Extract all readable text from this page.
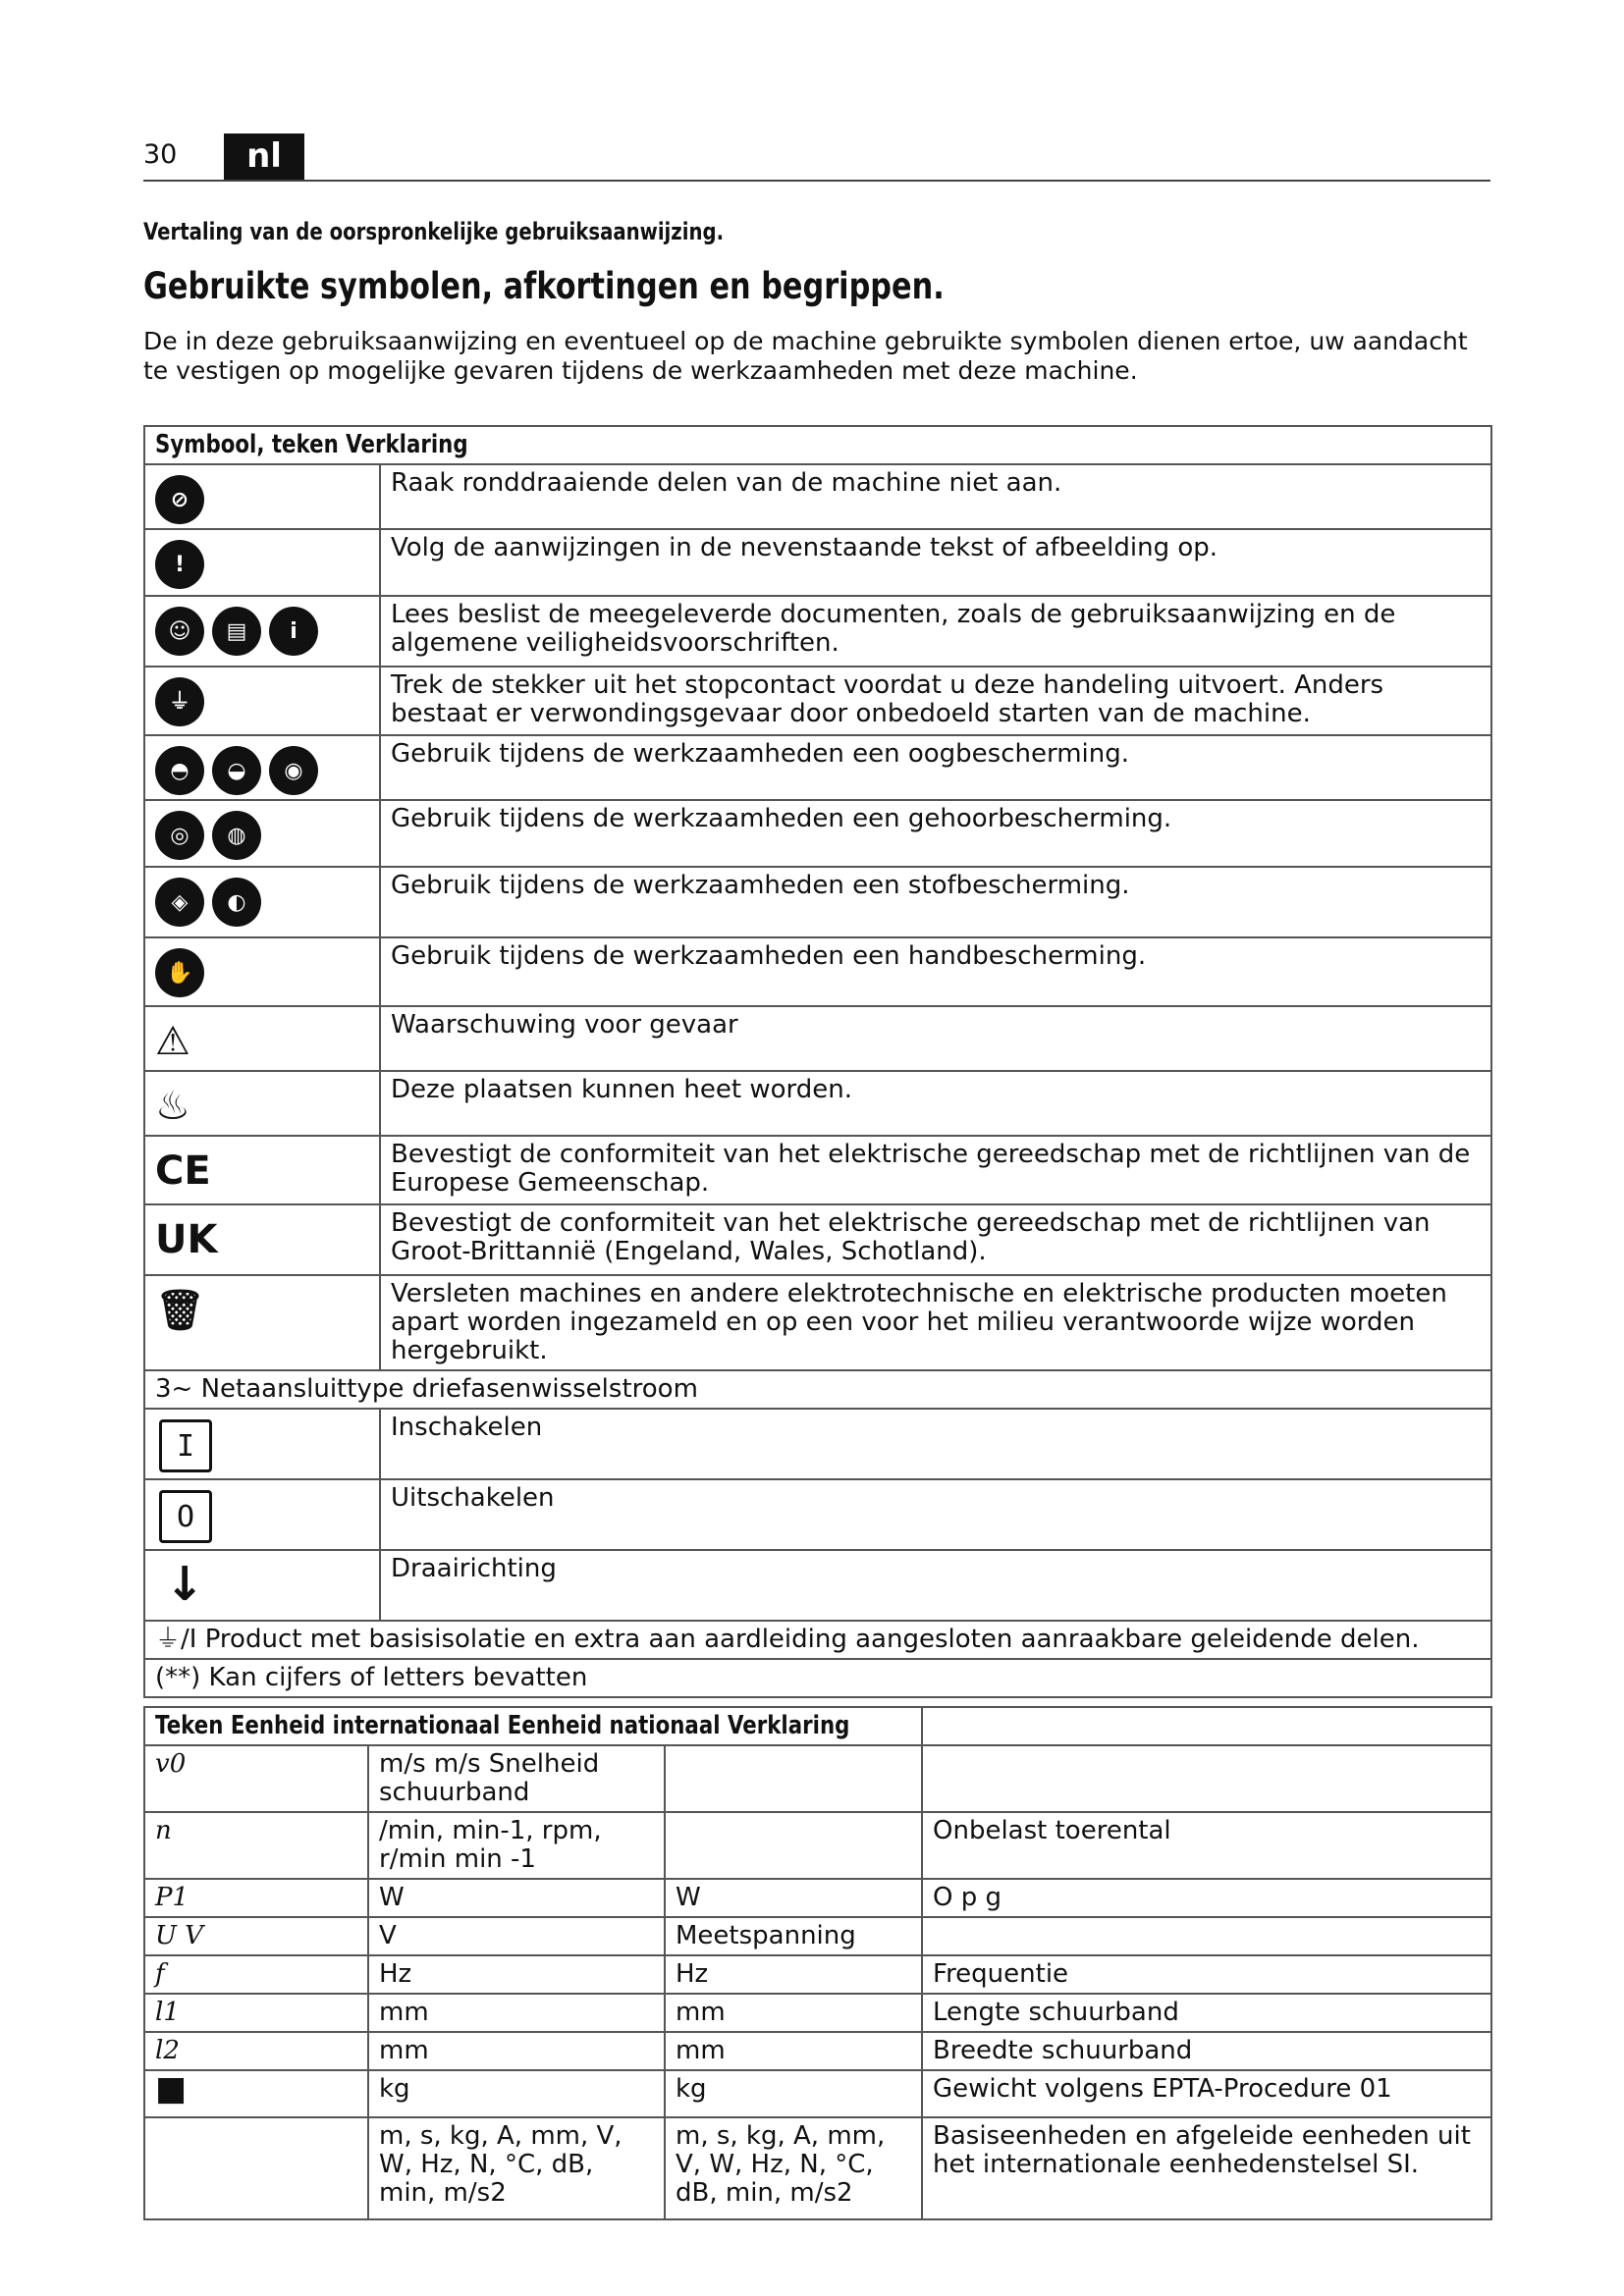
30	nl
Vertaling van de oorspronkelijke gebruiksaanwijzing.
Gebruikte symbolen, afkortingen en begrippen.
De in deze gebruiksaanwijzing en eventueel op de machine gebruikte symbolen dienen ertoe, uw aandacht te vestigen op mogelijke gevaren tijdens de werkzaamheden met deze machine.
Symbool, teken Verklaring	

⊘	Raak ronddraaiende delen van de machine niet aan.

!	Volg de aanwijzingen in de nevenstaande tekst of afbeelding op.

☺ ▤ i	Lees beslist de meegeleverde documenten, zoals de gebruiksaanwijzing en de algemene veiligheidsvoorschriften.

⏚	Trek de stekker uit het stopcontact voordat u deze handeling uitvoert. Anders bestaat er verwondingsgevaar door onbedoeld starten van de machine.

◓ ◒ ◉	Gebruik tijdens de werkzaamheden een oogbescherming.

◎ ◍	Gebruik tijdens de werkzaamheden een gehoorbescherming.

◈ ◐	Gebruik tijdens de werkzaamheden een stofbescherming.

✋	Gebruik tijdens de werkzaamheden een handbescherming.

⚠	Waarschuwing voor gevaar

♨	Deze plaatsen kunnen heet worden.

CE	Bevestigt de conformiteit van het elektrische gereedschap met de richtlijnen van de Europese Gemeenschap.

UK	Bevestigt de conformiteit van het elektrische gereedschap met de richtlijnen van Groot-Brittannië (Engeland, Wales, Schotland).

🗑	Versleten machines en andere elektrotechnische en elektrische producten moeten apart worden ingezameld en op een voor het milieu verantwoorde wijze worden hergebruikt.
3~ Netaansluittype driefasenwisselstroom	

I	Inschakelen

O	Uitschakelen

↓	Draairichting
⏚/I Product met basisisolatie en extra aan aardleiding aangesloten aanraakbare geleidende delen.	
(**) Kan cijfers of letters bevatten	
Teken Eenheid internationaal Eenheid nationaal Verklaring			
v0	m/s m/s Snelheid schuurband		
n	/min, min-1, rpm, r/min min -1		Onbelast toerental
P1	W	W	O p g
U V	V	Meetspanning	
f	Hz	Hz	Frequentie
l1	mm	mm	Lengte schuurband
l2	mm	mm	Breedte schuurband
■	kg	kg	Gewicht volgens EPTA-Procedure 01
	m, s, kg, A, mm, V, W, Hz, N, °C, dB, min, m/s2	m, s, kg, A, mm, V, W, Hz, N, °C, dB, min, m/s2	Basiseenheden en afgeleide eenheden uit het internationale eenhedenstelsel SI.
